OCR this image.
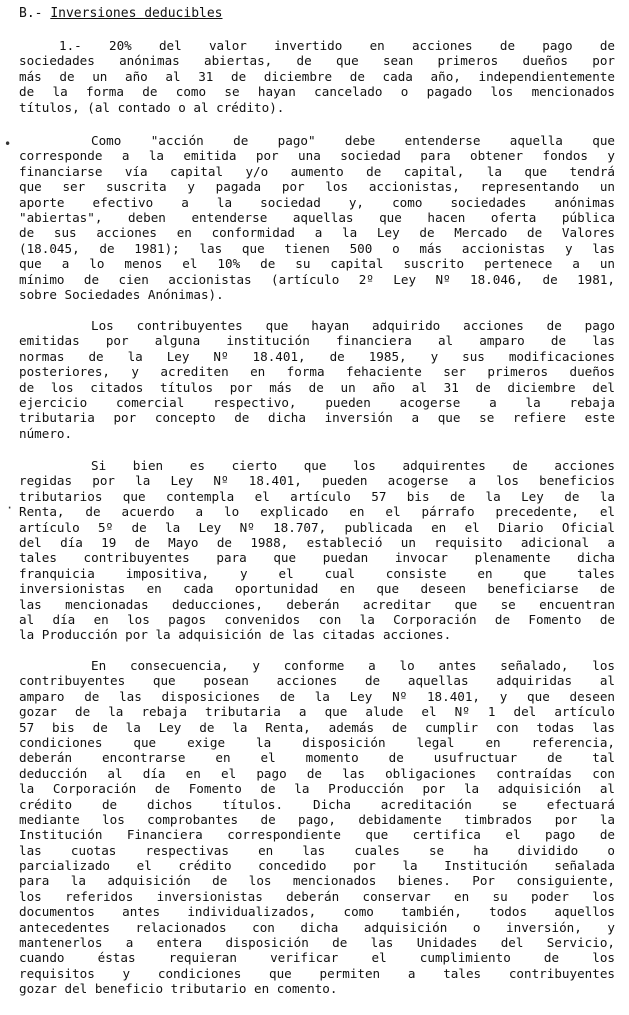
B.- Inversiones deducibles
•
·

1.- 20% del valor invertido en acciones de pago de
sociedades anónimas abiertas, de que sean primeros dueños por
más de un año al 31 de diciembre de cada año, independientemente
de la forma de como se hayan cancelado o pagado los mencionados
títulos, (al contado o al crédito).

Como "acción de pago" debe entenderse aquella que
corresponde a la emitida por una sociedad para obtener fondos y
financiarse vía capital y/o aumento de capital, la que tendrá
que ser suscrita y pagada por los accionistas, representando un
aporte efectivo a la sociedad y, como sociedades anónimas
"abiertas", deben entenderse aquellas que hacen oferta pública
de sus acciones en conformidad a la Ley de Mercado de Valores
(18.045, de 1981); las que tienen 500 o más accionistas y las
que a lo menos el 10% de su capital suscrito pertenece a un
mínimo de cien accionistas (artículo 2º Ley Nº 18.046, de 1981,
sobre Sociedades Anónimas).

Los contribuyentes que hayan adquirido acciones de pago
emitidas por alguna institución financiera al amparo de las
normas de la Ley Nº 18.401, de 1985, y sus modificaciones
posteriores, y acrediten en forma fehaciente ser primeros dueños
de los citados títulos por más de un año al 31 de diciembre del
ejercicio comercial respectivo, pueden acogerse a la rebaja
tributaria por concepto de dicha inversión a que se refiere este
número.

Si bien es cierto que los adquirentes de acciones
regidas por la Ley Nº 18.401, pueden acogerse a los beneficios
tributarios que contempla el artículo 57 bis de la Ley de la
Renta, de acuerdo a lo explicado en el párrafo precedente, el
artículo 5º de la Ley Nº 18.707, publicada en el Diario Oficial
del día 19 de Mayo de 1988, estableció un requisito adicional a
tales contribuyentes para que puedan invocar plenamente dicha
franquicia impositiva, y el cual consiste en que tales
inversionistas en cada oportunidad en que deseen beneficiarse de
las mencionadas deducciones, deberán acreditar que se encuentran
al día en los pagos convenidos con la Corporación de Fomento de
la Producción por la adquisición de las citadas acciones.

En consecuencia, y conforme a lo antes señalado, los
contribuyentes que posean acciones de aquellas adquiridas al
amparo de las disposiciones de la Ley Nº 18.401, y que deseen
gozar de la rebaja tributaria a que alude el Nº 1 del artículo
57 bis de la Ley de la Renta, además de cumplir con todas las
condiciones que exige la disposición legal en referencia,
deberán encontrarse en el momento de usufructuar de tal
deducción al día en el pago de las obligaciones contraídas con
la Corporación de Fomento de la Producción por la adquisición al
crédito de dichos títulos. Dicha acreditación se efectuará
mediante los comprobantes de pago, debidamente timbrados por la
Institución Financiera correspondiente que certifica el pago de
las cuotas respectivas en las cuales se ha dividido o
parcializado el crédito concedido por la Institución señalada
para la adquisición de los mencionados bienes. Por consiguiente,
los referidos inversionistas deberán conservar en su poder los
documentos antes individualizados, como también, todos aquellos
antecedentes relacionados con dicha adquisición o inversión, y
mantenerlos a entera disposición de las Unidades del Servicio,
cuando éstas requieran verificar el cumplimiento de los
requisitos y condiciones que permiten a tales contribuyentes
gozar del beneficio tributario en comento.
